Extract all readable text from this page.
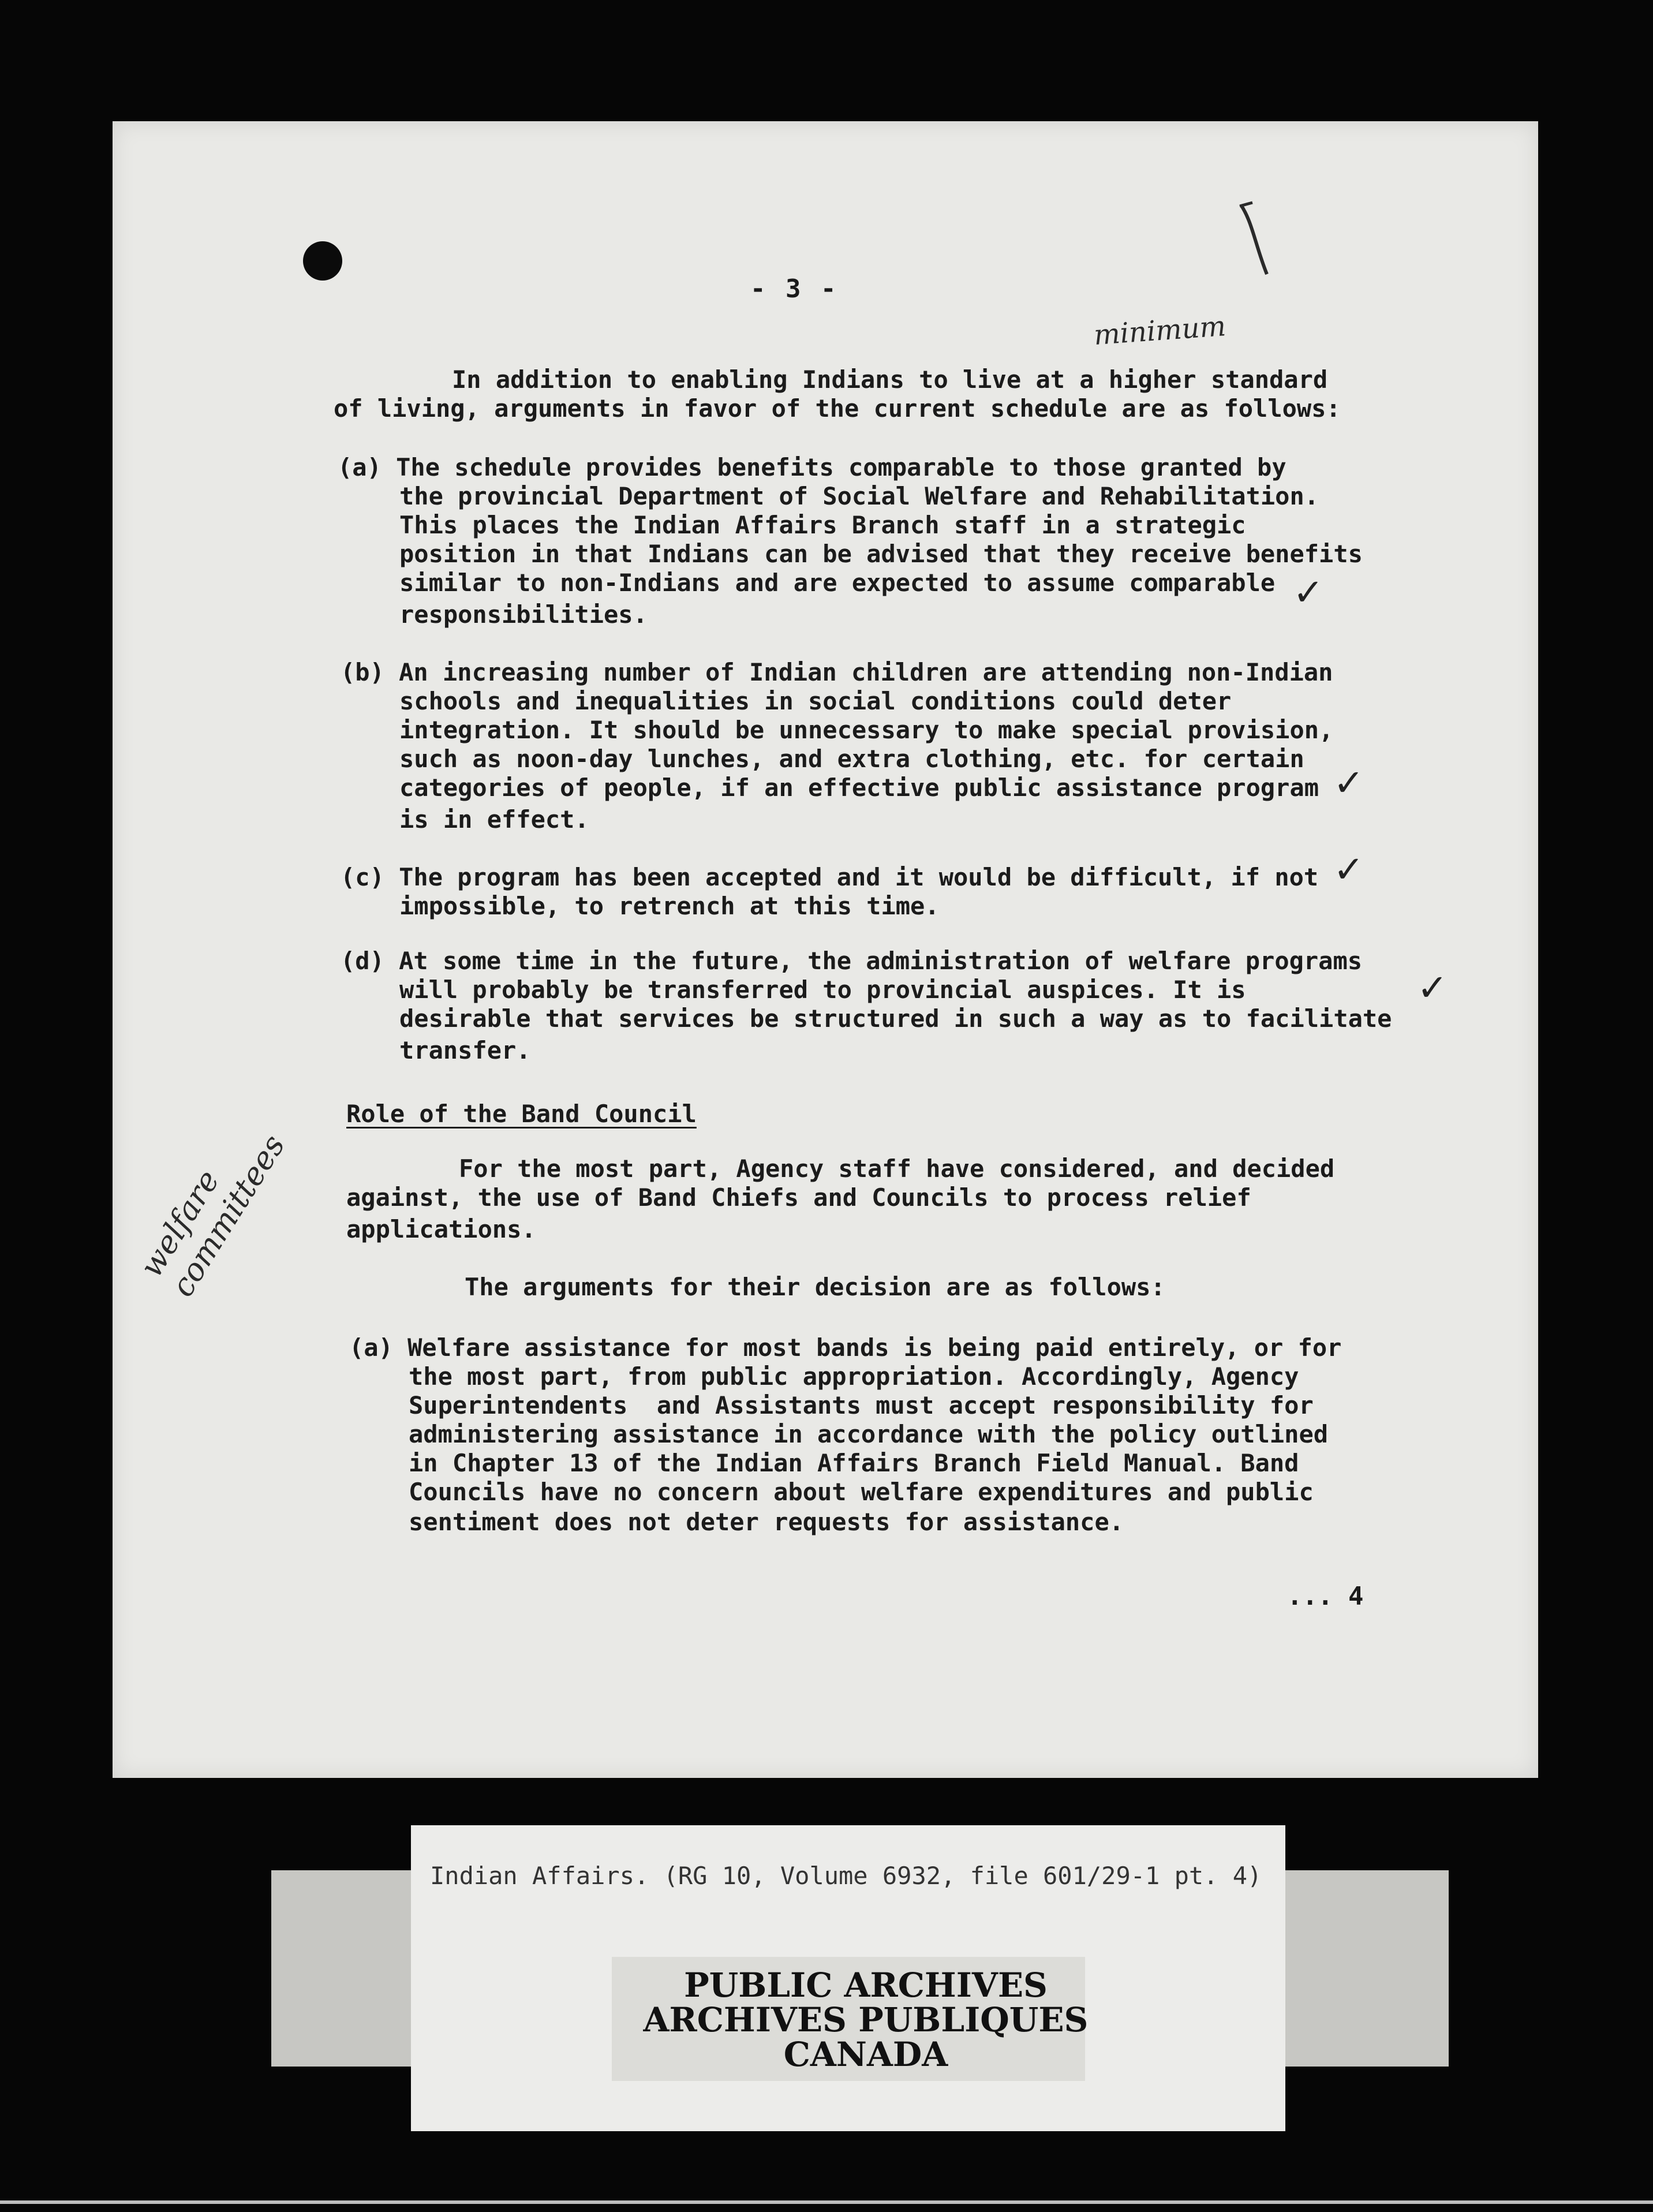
- 3 -
minimum
In addition to enabling Indians to live at a higher standard
of living, arguments in favor of the current schedule are as follows:
(a) The schedule provides benefits comparable to those granted by
the provincial Department of Social Welfare and Rehabilitation.
This places the Indian Affairs Branch staff in a strategic
position in that Indians can be advised that they receive benefits
similar to non-Indians and are expected to assume comparable
responsibilities.
✓
(b) An increasing number of Indian children are attending non-Indian
schools and inequalities in social conditions could deter
integration. It should be unnecessary to make special provision,
such as noon-day lunches, and extra clothing, etc. for certain
categories of people, if an effective public assistance program
is in effect.
✓
(c) The program has been accepted and it would be difficult, if not
impossible, to retrench at this time.
✓
(d) At some time in the future, the administration of welfare programs
will probably be transferred to provincial auspices. It is
desirable that services be structured in such a way as to facilitate
transfer.
✓
Role of the Band Council
For the most part, Agency staff have considered, and decided
against, the use of Band Chiefs and Councils to process relief
applications.
The arguments for their decision are as follows:
(a) Welfare assistance for most bands is being paid entirely, or for
the most part, from public appropriation. Accordingly, Agency
Superintendents  and Assistants must accept responsibility for
administering assistance in accordance with the policy outlined
in Chapter 13 of the Indian Affairs Branch Field Manual. Band
Councils have no concern about welfare expenditures and public
sentiment does not deter requests for assistance.
welfare
committees
... 4
Indian Affairs. (RG 10, Volume 6932, file 601/29-1 pt. 4)
PUBLIC ARCHIVES
ARCHIVES PUBLIQUES
CANADA
